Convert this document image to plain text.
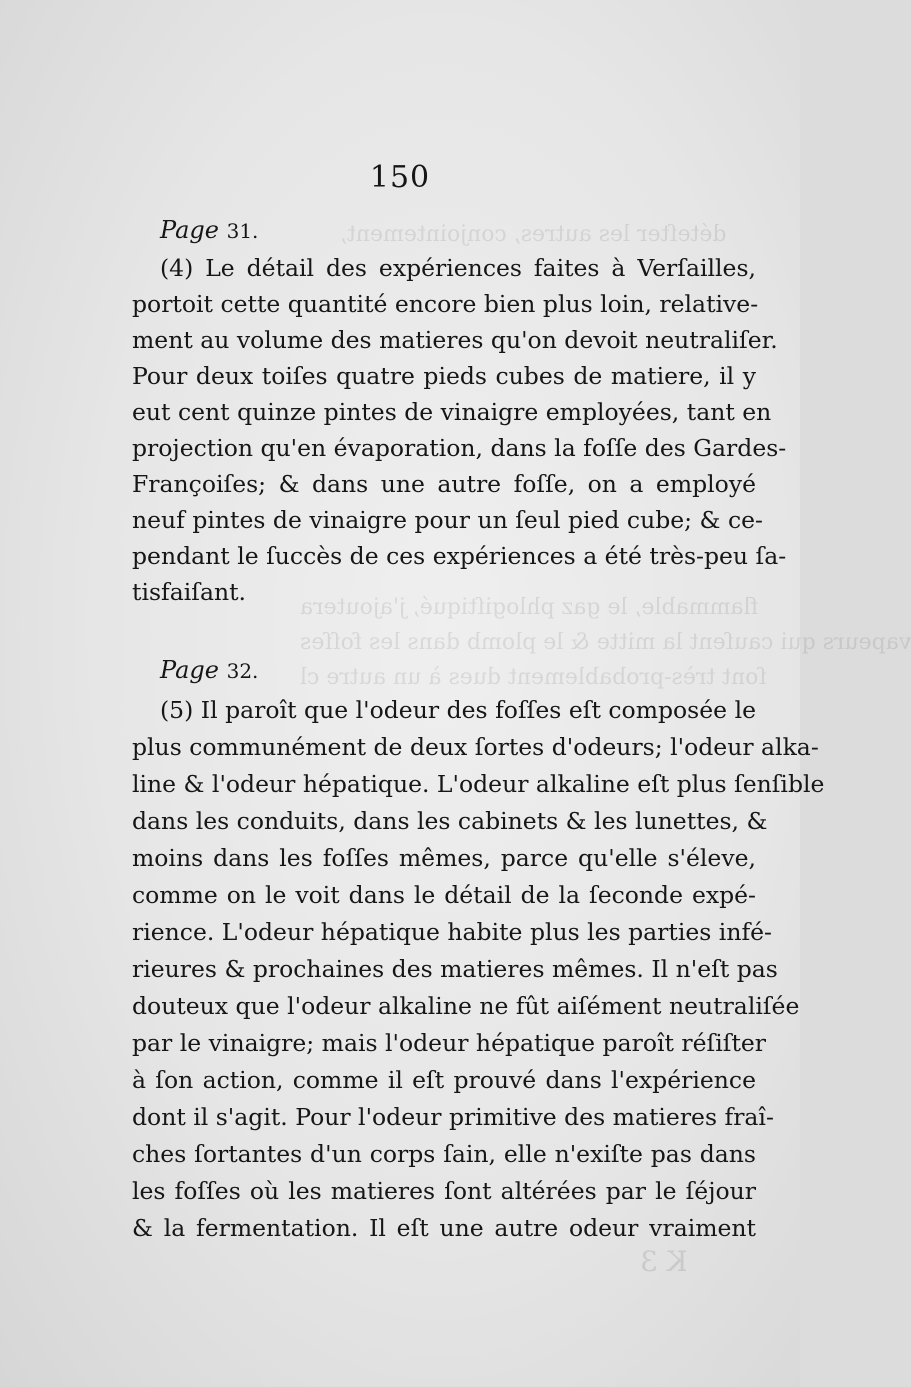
déteſter les autres, conjointement,
flammable, le gaz phlogiſtiqué, j'ajoutera
vapeurs qui cauſent la mitte & le plomb dans les foſſes
ſont très-probablement dues à un autre cl
K 3
150
Page 31.
(4) Le détail des expériences faites à Verſailles,
portoit cette quantité encore bien plus loin, relative-
ment au volume des matieres qu'on devoit neutraliſer.
Pour deux toiſes quatre pieds cubes de matiere, il y
eut cent quinze pintes de vinaigre employées, tant en
projection qu'en évaporation, dans la foſſe des Gardes-
Françoiſes; & dans une autre foſſe, on a employé
neuf pintes de vinaigre pour un ſeul pied cube; & ce-
pendant le ſuccès de ces expériences a été très-peu ſa-
tisfaiſant.
Page 32.
(5) Il paroît que l'odeur des foſſes eſt composée le
plus communément de deux ſortes d'odeurs; l'odeur alka-
line & l'odeur hépatique. L'odeur alkaline eſt plus ſenſible
dans les conduits, dans les cabinets & les lunettes, &
moins dans les foſſes mêmes, parce qu'elle s'éleve,
comme on le voit dans le détail de la ſeconde expé-
rience. L'odeur hépatique habite plus les parties infé-
rieures & prochaines des matieres mêmes. Il n'eſt pas
douteux que l'odeur alkaline ne fût aiſément neutraliſée
par le vinaigre; mais l'odeur hépatique paroît réſiſter
à ſon action, comme il eſt prouvé dans l'expérience
dont il s'agit. Pour l'odeur primitive des matieres fraî-
ches ſortantes d'un corps ſain, elle n'exiſte pas dans
les foſſes où les matieres ſont altérées par le ſéjour
& la fermentation. Il eſt une autre odeur vraiment
